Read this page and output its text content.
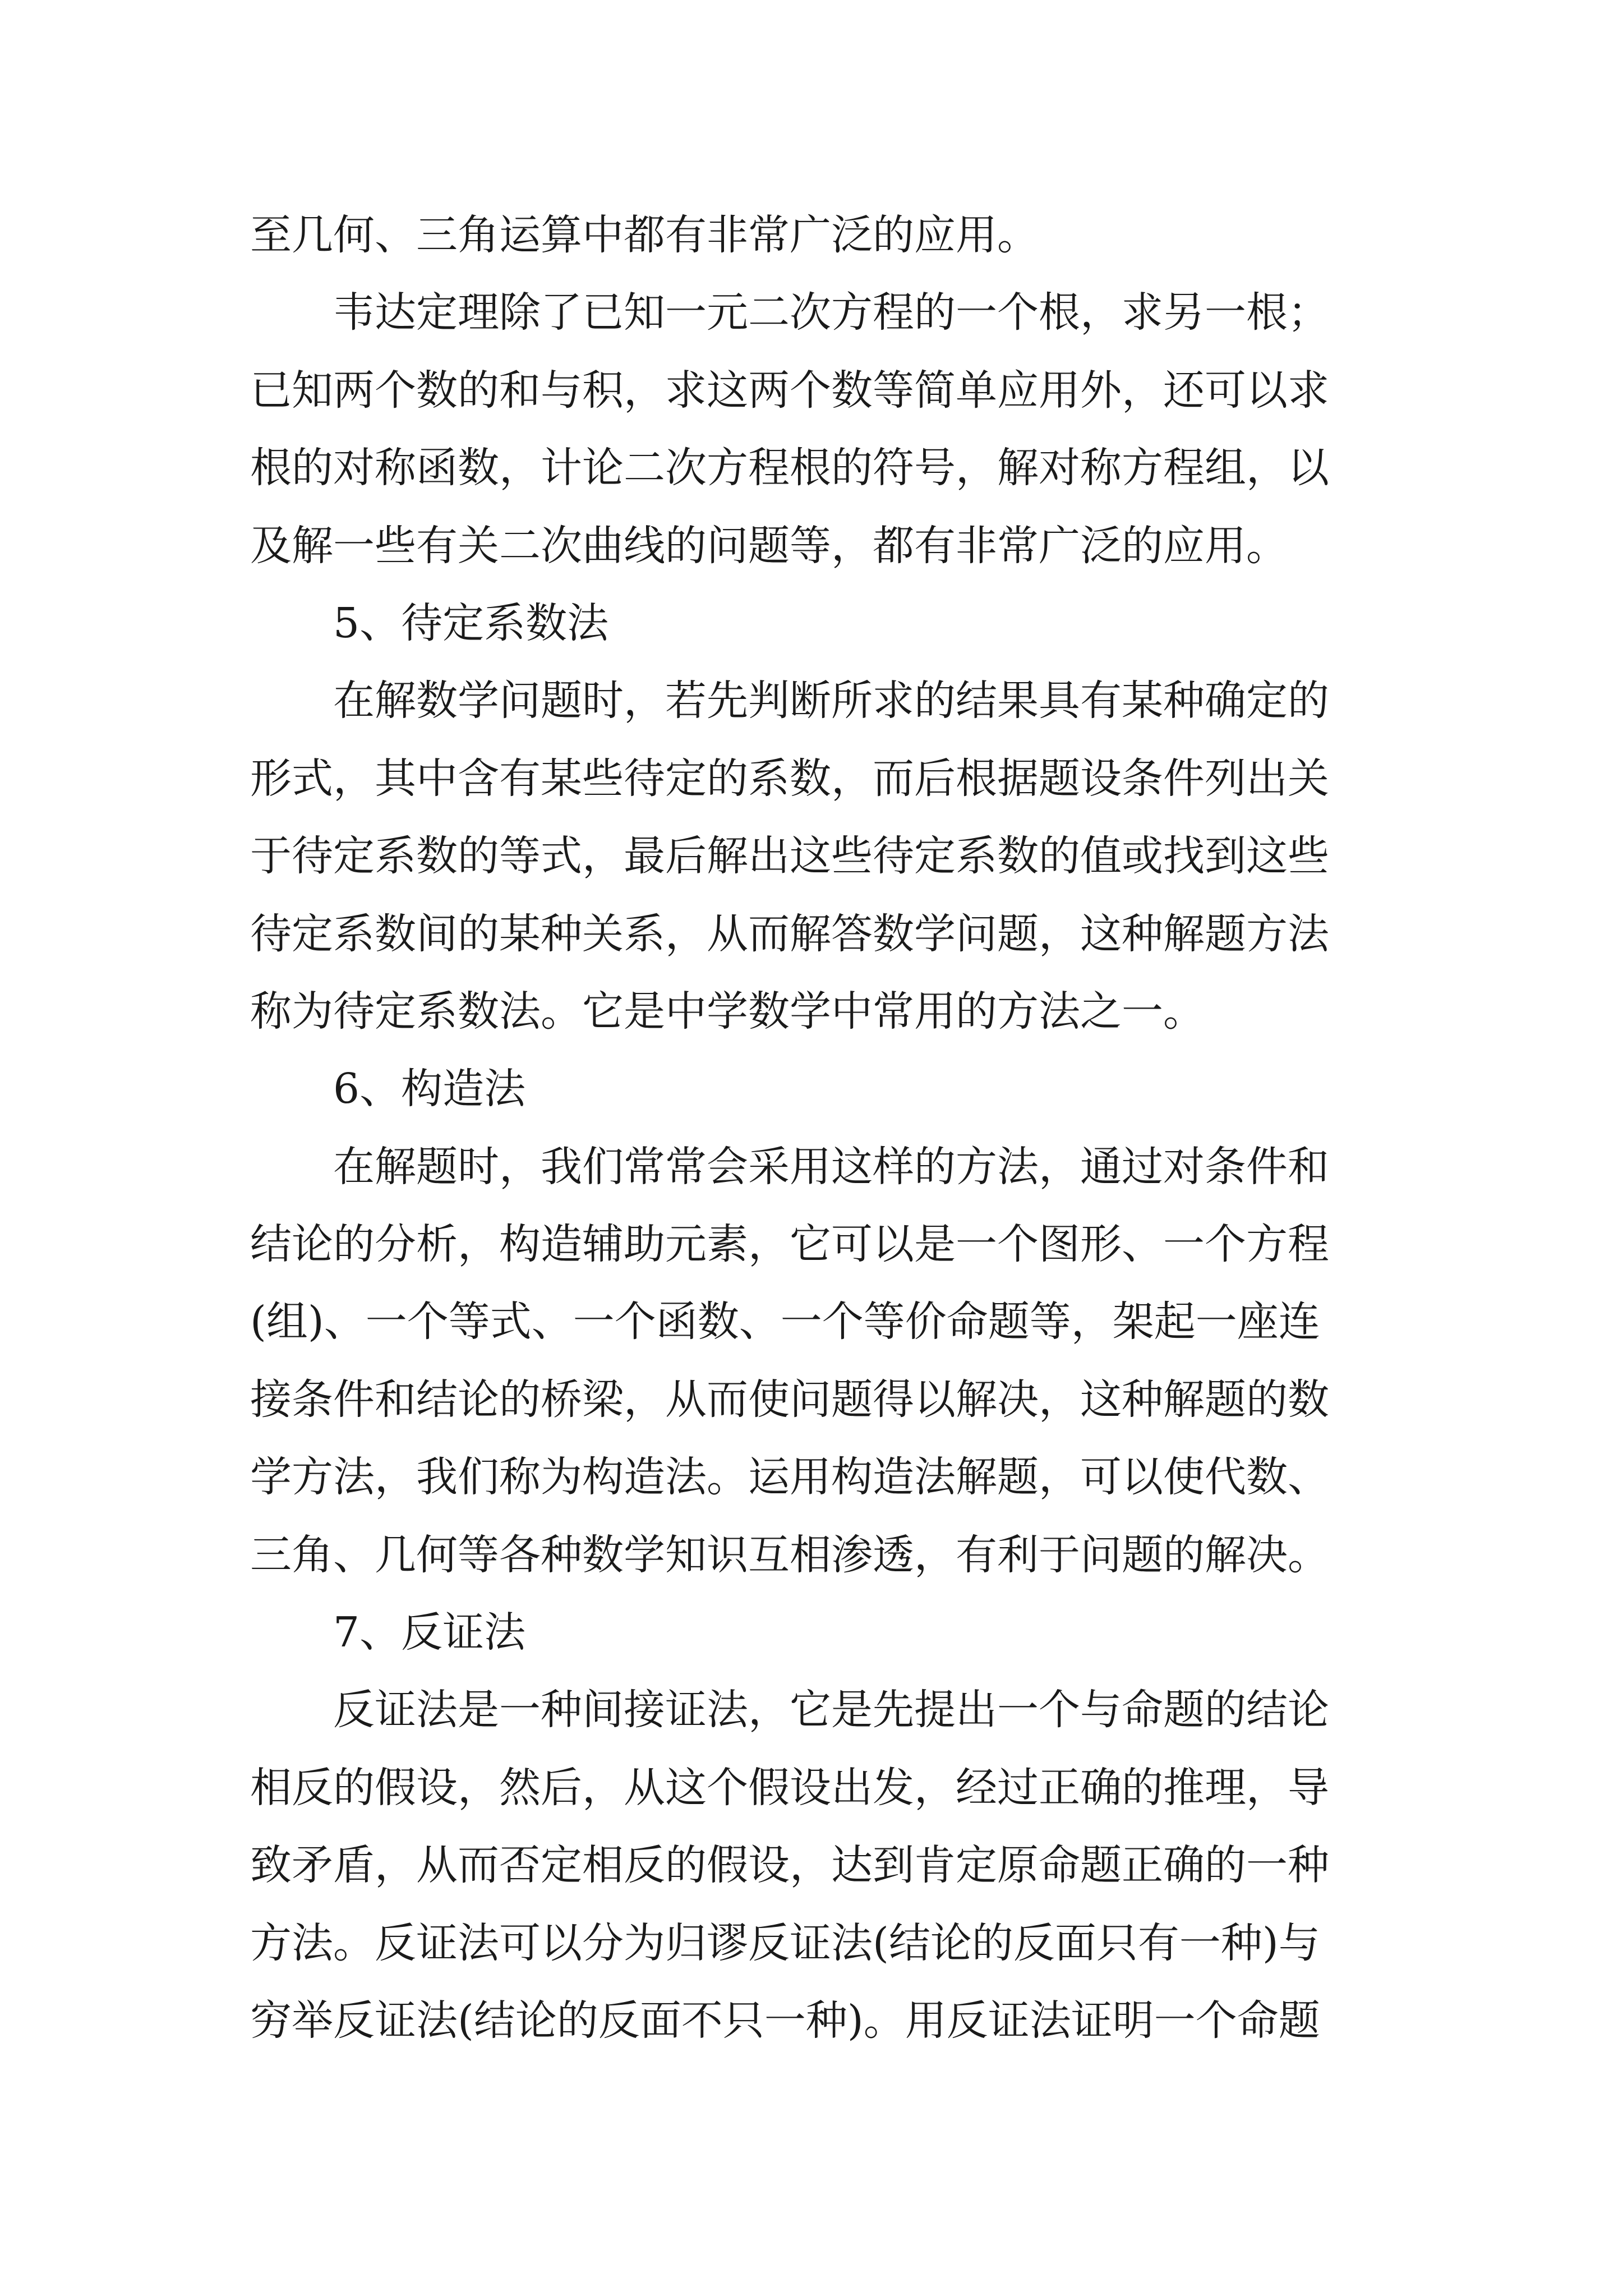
至几何、三角运算中都有非常广泛的应用。
韦达定理除了已知一元二次方程的一个根，求另一根；
已知两个数的和与积，求这两个数等简单应用外，还可以求
根的对称函数，计论二次方程根的符号，解对称方程组，以
及解一些有关二次曲线的问题等，都有非常广泛的应用。
5、待定系数法
在解数学问题时，若先判断所求的结果具有某种确定的
形式，其中含有某些待定的系数，而后根据题设条件列出关
于待定系数的等式，最后解出这些待定系数的值或找到这些
待定系数间的某种关系，从而解答数学问题，这种解题方法
称为待定系数法。它是中学数学中常用的方法之一。
6、构造法
在解题时，我们常常会采用这样的方法，通过对条件和
结论的分析，构造辅助元素，它可以是一个图形、一个方程
(组)、一个等式、一个函数、一个等价命题等，架起一座连
接条件和结论的桥梁，从而使问题得以解决，这种解题的数
学方法，我们称为构造法。运用构造法解题，可以使代数、
三角、几何等各种数学知识互相渗透，有利于问题的解决。
7、反证法
反证法是一种间接证法，它是先提出一个与命题的结论
相反的假设，然后，从这个假设出发，经过正确的推理，导
致矛盾，从而否定相反的假设，达到肯定原命题正确的一种
方法。反证法可以分为归谬反证法(结论的反面只有一种)与
穷举反证法(结论的反面不只一种)。用反证法证明一个命题
